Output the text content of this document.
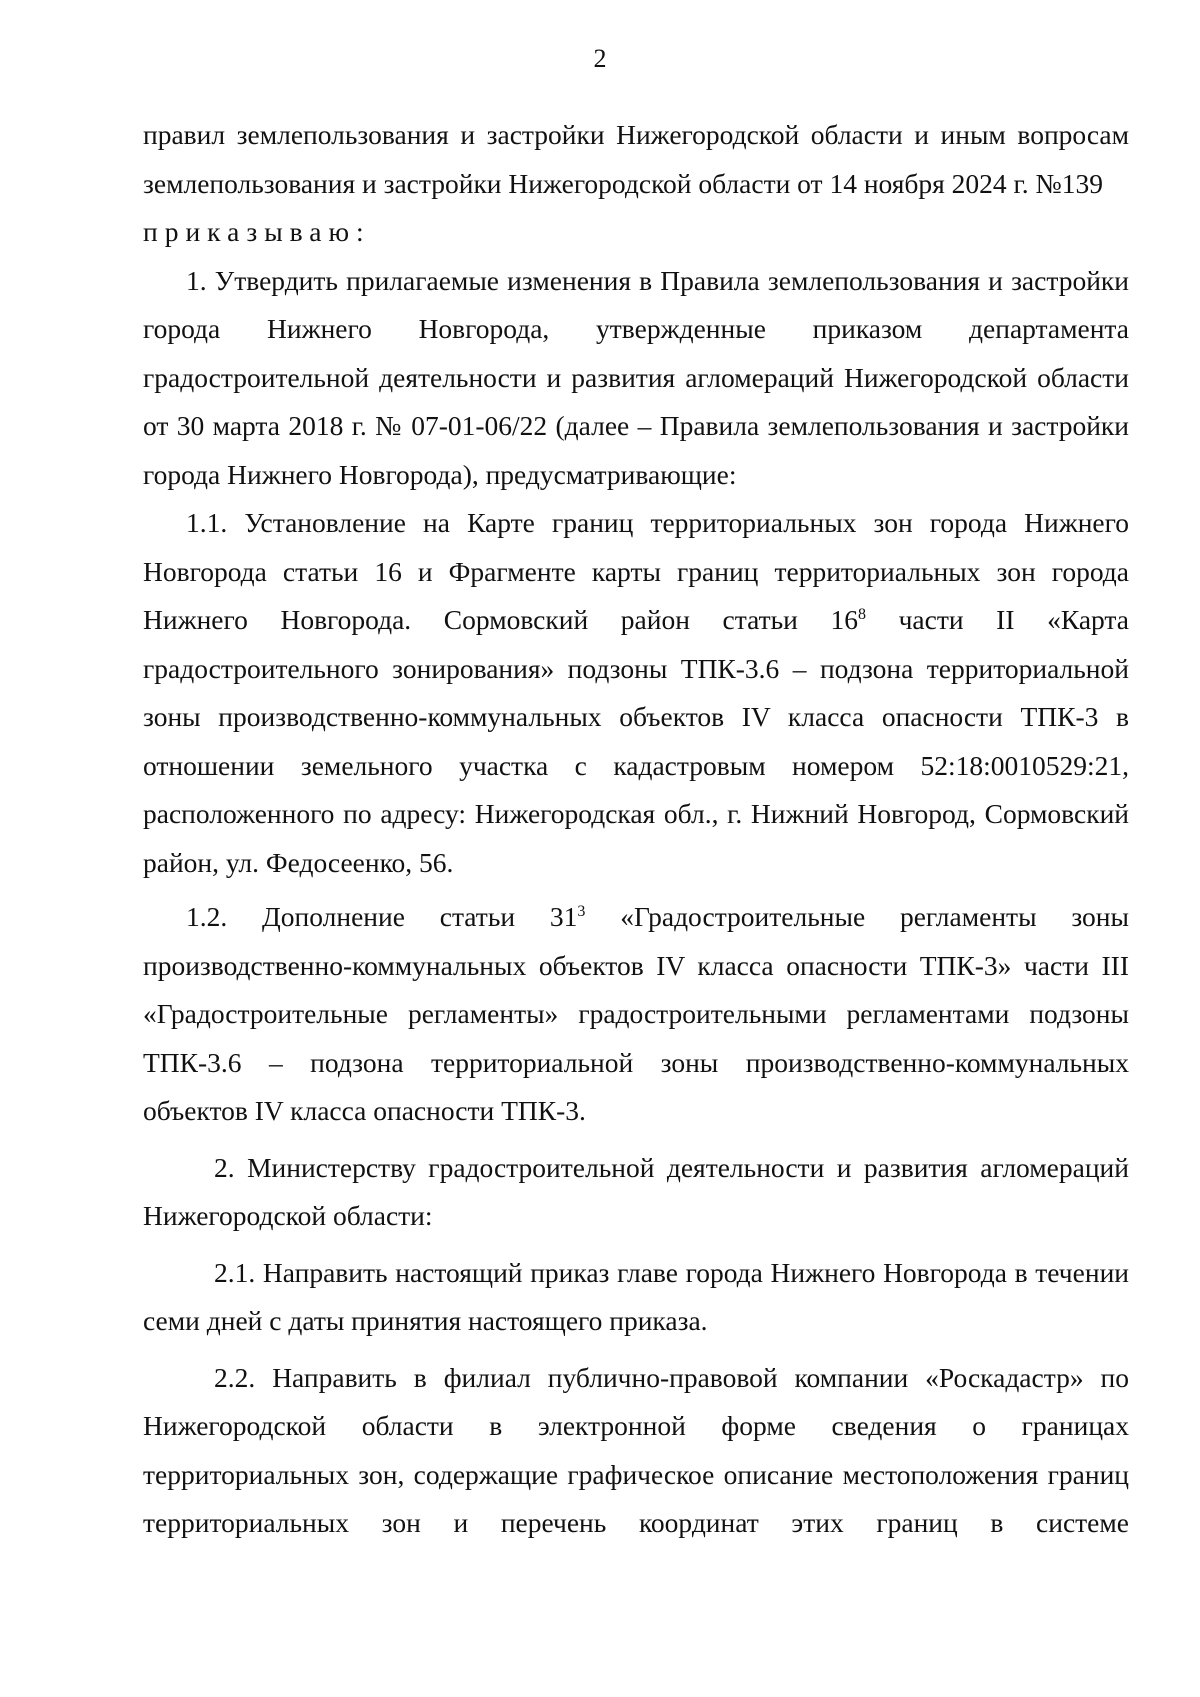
2

правил землепользования и застройки Нижегородской области и иным вопросам землепользования и застройки Нижегородской области от 14 ноября 2024 г. №139

приказываю:

1. Утвердить прилагаемые изменения в Правила землепользования и застройки города Нижнего Новгорода, утвержденные приказом департамента градостроительной деятельности и развития агломераций Нижегородской области от 30 марта 2018 г. № 07-01-06/22 (далее – Правила землепользования и застройки города Нижнего Новгорода), предусматривающие:

1.1. Установление на Карте границ территориальных зон города Нижнего Новгорода статьи 16 и Фрагменте карты границ территориальных зон города Нижнего Новгорода. Сормовский район статьи $16^8$ части II «Карта градостроительного зонирования» подзоны ТПК-3.6 – подзона территориальной зоны производственно-коммунальных объектов IV класса опасности ТПК-3 в отношении земельного участка с кадастровым номером 52:18:0010529:21, расположенного по адресу: Нижегородская обл., г. Нижний Новгород, Сормовский район, ул. Федосеенко, 56.

1.2. Дополнение статьи $31^3$ «Градостроительные регламенты зоны производственно-коммунальных объектов IV класса опасности ТПК-3» части III «Градостроительные регламенты» градостроительными регламентами подзоны ТПК-3.6 – подзона территориальной зоны производственно-коммунальных объектов IV класса опасности ТПК-3.

2. Министерству градостроительной деятельности и развития агломераций Нижегородской области:

2.1. Направить настоящий приказ главе города Нижнего Новгорода в течении семи дней с даты принятия настоящего приказа.

2.2. Направить в филиал публично-правовой компании «Роскадастр» по Нижегородской области в электронной форме сведения о границах территориальных зон, содержащие графическое описание местоположения границ территориальных зон и перечень координат этих границ в системе
